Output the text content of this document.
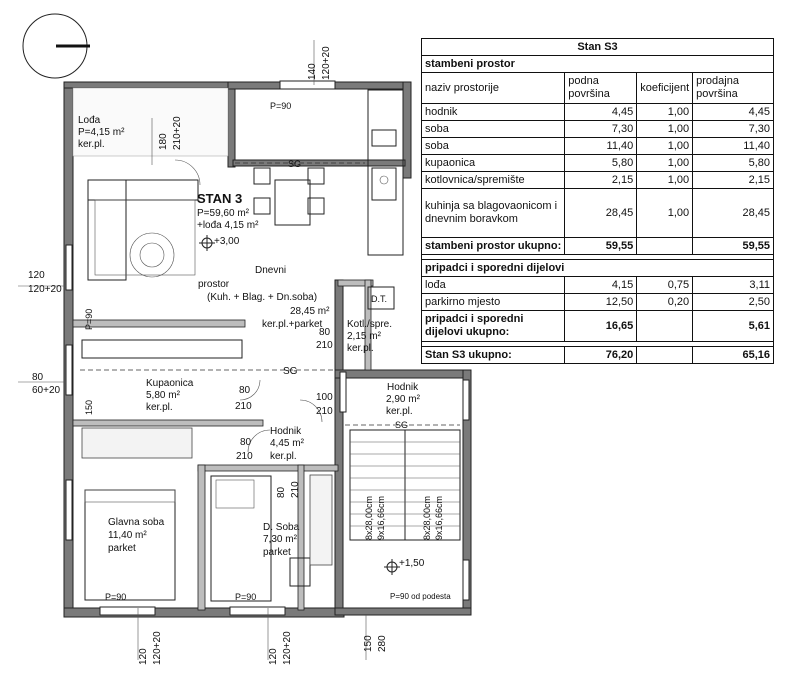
STAN 3
P=59,60 m²
+lođa 4,15 m²
+3,00
+1,50
Lođa
P=4,15 m²
ker.pl.
Dnevni
prostor
(Kuh. + Blag. + Dn.soba)
28,45 m²
ker.pl.+parket Kotl./spre.
2,15 m²
ker.pl.
Hodnik
2,90 m²
ker.pl.
Kupaonica
5,80 m²
ker.pl.
Hodnik
4,45 m²
ker.pl.
Glavna soba
11,40 m²
parket
D. Soba
7,30 m²
parket
D.T.
SG
SG
SG
P=90
P=90	P=90	P=90 od podesta
P=90
150
8x28,00cm 9x16,66cm	8x28,00cm 9x16,66cm
140 120+20
180 210+20
120
120+20
80
60+20
80
210
80
210
100
210
80
210
80 210
120 120+20	120 120+20	150 280
Stan S3			
stambeni prostor			
naziv prostorije	podna površina	koeficijent	prodajna površina
hodnik	4,45	1,00	4,45
soba	7,30	1,00	7,30
soba	11,40	1,00	11,40
kupaonica	5,80	1,00	5,80
kotlovnica/spremište	2,15	1,00	2,15
kuhinja sa blagovaonicom i dnevnim boravkom	28,45	1,00	28,45
stambeni prostor ukupno:	59,55		59,55

pripadci i sporedni dijelovi			
lođa	4,15	0,75	3,11
parkirno mjesto	12,50	0,20	2,50
pripadci i sporedni dijelovi ukupno:	16,65		5,61

Stan S3 ukupno:	76,20		65,16
